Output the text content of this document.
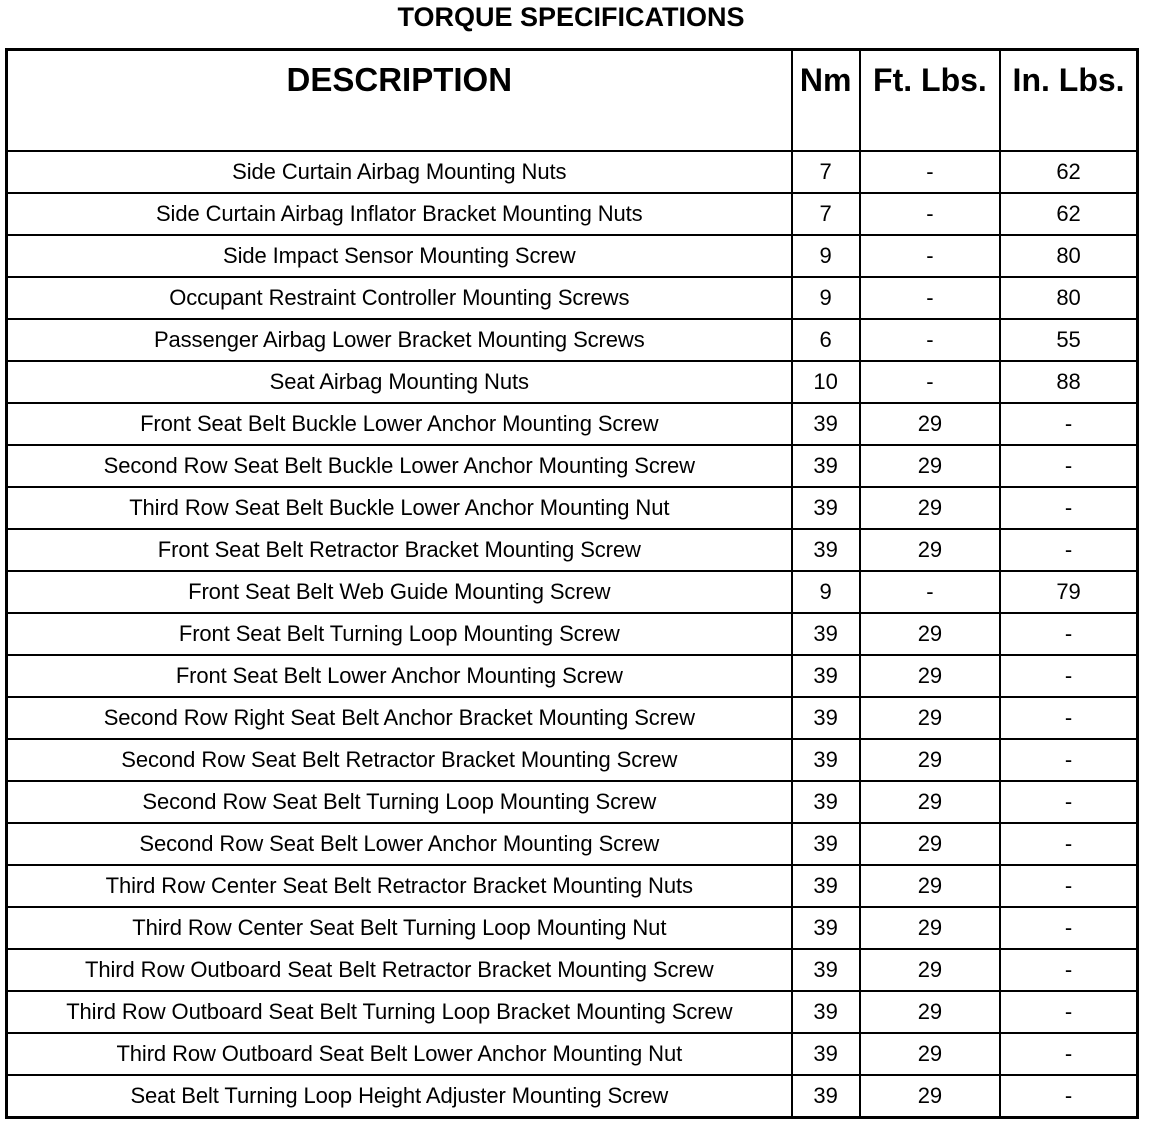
TORQUE SPECIFICATIONS
DESCRIPTION	Nm	Ft. Lbs.	In. Lbs.
Side Curtain Airbag Mounting Nuts	7	-	62
Side Curtain Airbag Inflator Bracket Mounting Nuts	7	-	62
Side Impact Sensor Mounting Screw	9	-	80
Occupant Restraint Controller Mounting Screws	9	-	80
Passenger Airbag Lower Bracket Mounting Screws	6	-	55
Seat Airbag Mounting Nuts	10	-	88
Front Seat Belt Buckle Lower Anchor Mounting Screw	39	29	-
Second Row Seat Belt Buckle Lower Anchor Mounting Screw	39	29	-
Third Row Seat Belt Buckle Lower Anchor Mounting Nut	39	29	-
Front Seat Belt Retractor Bracket Mounting Screw	39	29	-
Front Seat Belt Web Guide Mounting Screw	9	-	79
Front Seat Belt Turning Loop Mounting Screw	39	29	-
Front Seat Belt Lower Anchor Mounting Screw	39	29	-
Second Row Right Seat Belt Anchor Bracket Mounting Screw	39	29	-
Second Row Seat Belt Retractor Bracket Mounting Screw	39	29	-
Second Row Seat Belt Turning Loop Mounting Screw	39	29	-
Second Row Seat Belt Lower Anchor Mounting Screw	39	29	-
Third Row Center Seat Belt Retractor Bracket Mounting Nuts	39	29	-
Third Row Center Seat Belt Turning Loop Mounting Nut	39	29	-
Third Row Outboard Seat Belt Retractor Bracket Mounting Screw	39	29	-
Third Row Outboard Seat Belt Turning Loop Bracket Mounting Screw	39	29	-
Third Row Outboard Seat Belt Lower Anchor Mounting Nut	39	29	-
Seat Belt Turning Loop Height Adjuster Mounting Screw	39	29	-
